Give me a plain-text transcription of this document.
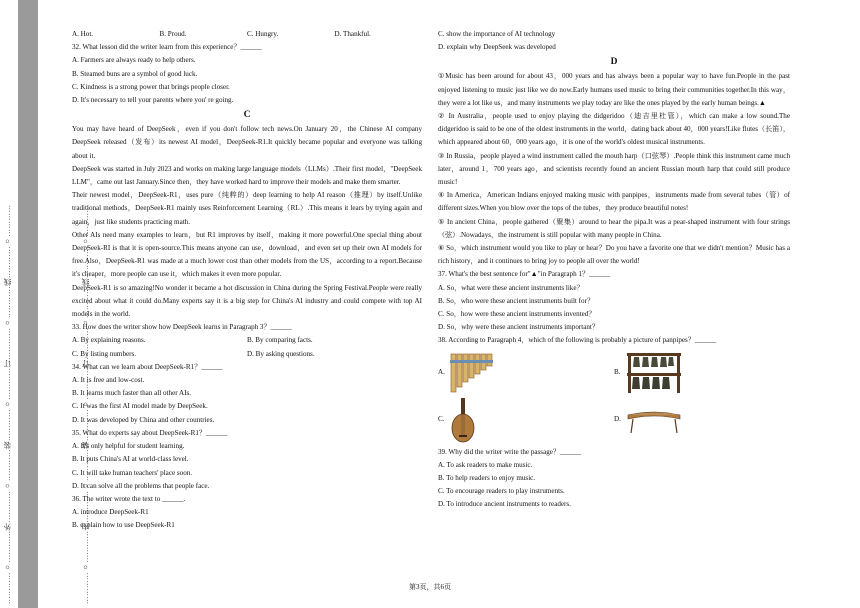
…………○…………外…………○…………装…………○…………订…………○…………线…………○…………	…………○…………内…………○…………装…………○…………订…………○…………线…………○…………
A. Hot.	B. Proud.	C. Hungry.	D. Thankful.

32. What lesson did the writer learn from this experience？______

A. Farmers are always ready to help others.

B. Steamed buns are a symbol of good luck.

C. Kindness is a strong power that brings people closer.

D. It's necessary to tell your parents where you' re going.

C

You may have heard of DeepSeek，even if you don't follow tech news.On January 20，the Chinese AI company DeepSeek released（发布）its newest AI model，DeepSeek-R1.It quickly became popular and everyone was talking about it.

DeepSeek was started in July 2023 and works on making large language models（LLMs）.Their first model，"DeepSeek LLM"，came out last January.Since then，they have worked hard to improve their models and make them smarter.

Their newest model，DeepSeek-R1，uses pure（纯粹的）deep learning to help AI reason（推理）by itself.Unlike traditional methods，DeepSeek-R1 mainly uses Reinforcement Learning（RL）.This means it lears by trying again and again，just like students practicing math.

Other AIs need many examples to learn，but R1 improves by itself，making it more powerful.One special thing about DeepSeek-RI is that it is open-source.This means anyone can use，download，and even set up their own AI models for free.Also，DeepSeek-R1 was made at a much lower cost than other models from the US，according to a report.Because it's cheaper，more people can use it，which makes it even more popular.

DeepSeek-R1 is so amazing!No wonder it became a hot discussion in China during the Spring Festival.People were really excited about what it could do.Many experts say it is a big step for China's AI industry and could compete with top AI models in the world.

33. How does the writer show how DeepSeek learns in Paragraph 3？______

A. By explaining reasons.	B. By comparing facts.
C. By listing numbers.	D. By asking questions.

34. What can we learn about DeepSeek-R1？______

A. It is free and low-cost.

B. It learns much faster than all other AIs.

C. It was the first AI model made by DeepSeek.

D. It was developed by China and other countries.

35. What do experts say about DeepSeek-R1？______

A. It's only helpful for student learning.

B. It puts China's AI at world-class level.

C. It will take human teachers' place soon.

D. It can solve all the problems that people face.

36. The writer wrote the text to ______.

A. introduce DeepSeek-R1

B. explain how to use DeepSeek-R1

C. show the importance of AI technology

D. explain why DeepSeek was developed

D

①Music has been around for about 43，000 years and has always been a popular way to have fun.People in the past enjoyed listening to music just like we do now.Early humans used music to bring their communities together.In this way，they were a lot like us，and many instruments we play today are like the ones played by the early human beings.▲

② In Australia，people used to enjoy playing the didgeridoo（迪吉里杜管），which can make a low sound.The didgeridoo is said to be one of the oldest instruments in the world，dating back about 40，000 years!Like flutes（长笛），which appeared about 60，000 years ago，it is one of the world's oldest musical instruments.

③ In Russia，people played a wind instrument called the mouth harp（口弦琴）.People think this instrument came much later，around 1，700 years ago，and scientists recently found an ancient Russian mouth harp that could still produce music!

④ In America，American Indians enjoyed making music with panpipes，instruments made from several tubes（管）of different sizes.When you blow over the tops of the tubes，they produce beautiful notes!

⑤ In ancient China，people gathered（聚集）around to hear the pipa.It was a pear-shaped instrument with four strings（弦）.Nowadays，the instrument is still popular with many people in China.

⑥ So，which instrument would you like to play or hear？Do you have a favorite one that we didn't mention？Music has a rich history，and it continues to bring joy to people all over the world!

37. What's the best sentence for"▲"in Paragraph 1？______

A. So，what were these ancient instruments like？

B. So，who were these ancient instruments built for？

C. So，how were these ancient instruments invented？

D. So，why were these ancient instruments important？

38. According to Paragraph 4，which of the following is probably a picture of panpipes？______

A.	B.
C.	D.

39. Why did the writer write the passage？______

A. To ask readers to make music.

B. To help readers to enjoy music.

C. To encourage readers to play instruments.

D. To introduce ancient instruments to readers.

第3页，共6页
